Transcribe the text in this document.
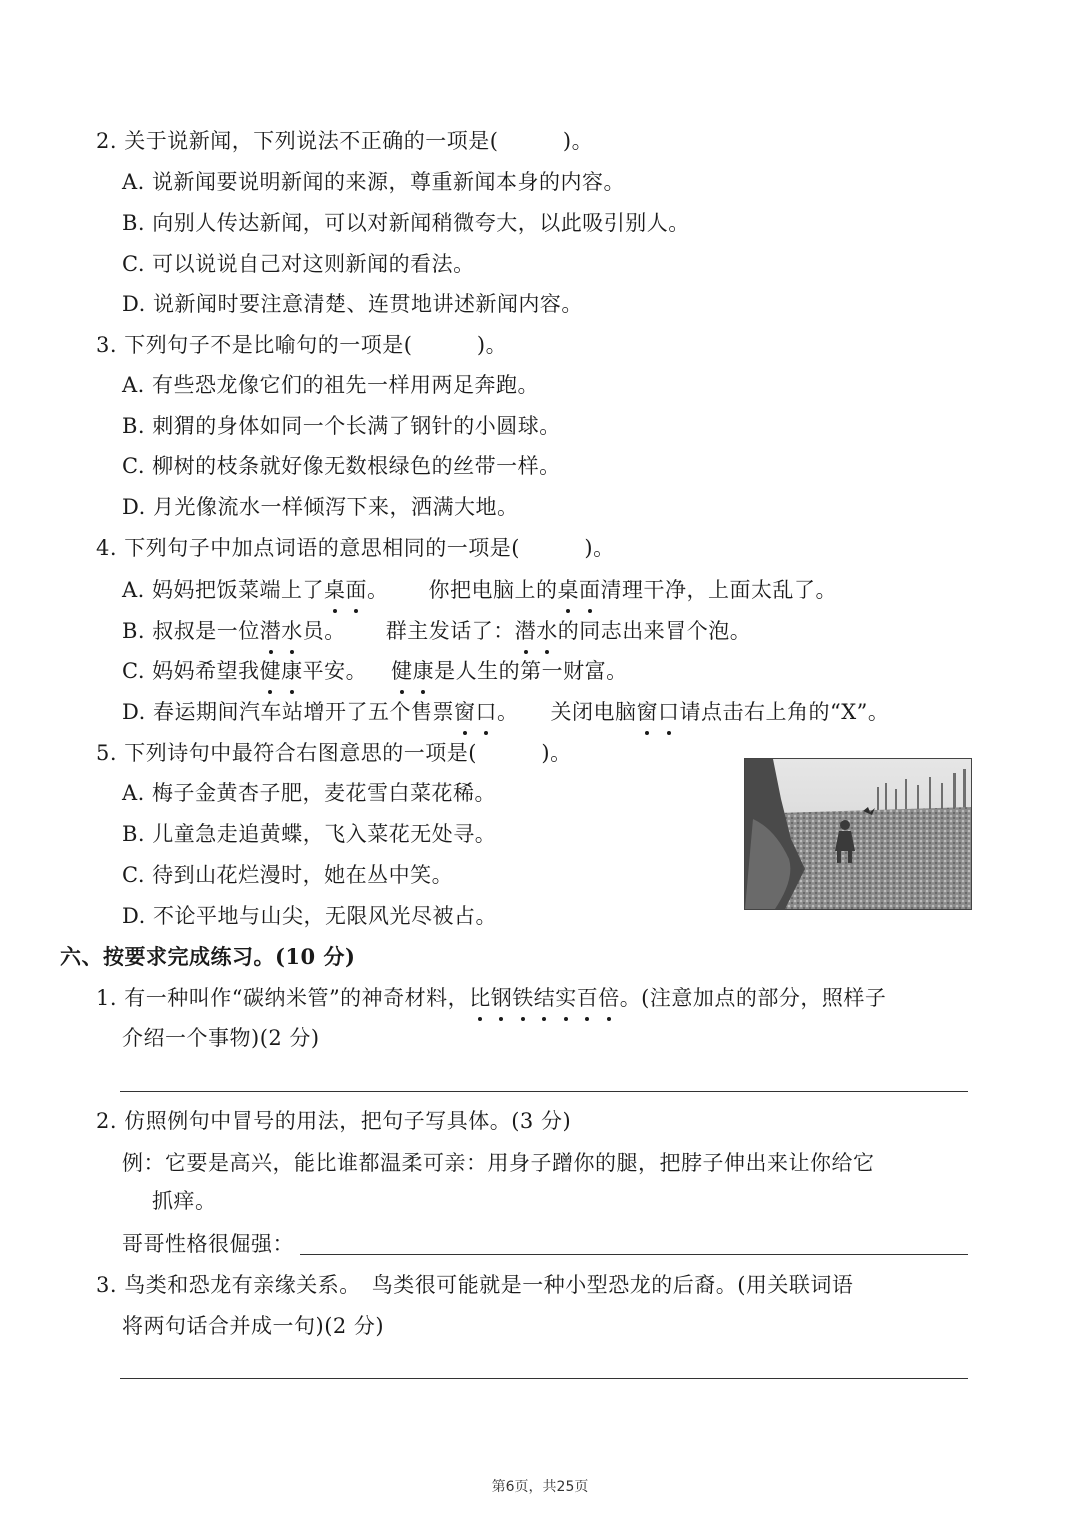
2. 关于说新闻，下列说法不正确的一项是(　　　)。
A. 说新闻要说明新闻的来源，尊重新闻本身的内容。
B. 向别人传达新闻，可以对新闻稍微夸大，以此吸引别人。
C. 可以说说自己对这则新闻的看法。
D. 说新闻时要注意清楚、连贯地讲述新闻内容。
3. 下列句子不是比喻句的一项是(　　　)。
A. 有些恐龙像它们的祖先一样用两足奔跑。
B. 刺猬的身体如同一个长满了钢针的小圆球。
C. 柳树的枝条就好像无数根绿色的丝带一样。
D. 月光像流水一样倾泻下来，洒满大地。
4. 下列句子中加点词语的意思相同的一项是(　　　)。
A. 妈妈把饭菜端上了桌面。 你把电脑上的桌面清理干净，上面太乱了。
B. 叔叔是一位潜水员。 群主发话了：潜水的同志出来冒个泡。
C. 妈妈希望我健康平安。 健康是人生的第一财富。
D. 春运期间汽车站增开了五个售票窗口。 关闭电脑窗口请点击右上角的“X”。
5. 下列诗句中最符合右图意思的一项是(　　　)。
A. 梅子金黄杏子肥，麦花雪白菜花稀。
B. 儿童急走追黄蝶，飞入菜花无处寻。
C. 待到山花烂漫时，她在丛中笑。
D. 不论平地与山尖，无限风光尽被占。
六、按要求完成练习。(10 分)
1. 有一种叫作“碳纳米管”的神奇材料，比钢铁结实百倍。(注意加点的部分，照样子
介绍一个事物)(2 分)
2. 仿照例句中冒号的用法，把句子写具体。(3 分)
例：它要是高兴，能比谁都温柔可亲：用身子蹭你的腿，把脖子伸出来让你给它
抓痒。
哥哥性格很倔强：
3. 鸟类和恐龙有亲缘关系。　鸟类很可能就是一种小型恐龙的后裔。(用关联词语
将两句话合并成一句)(2 分)
第6页，共25页
